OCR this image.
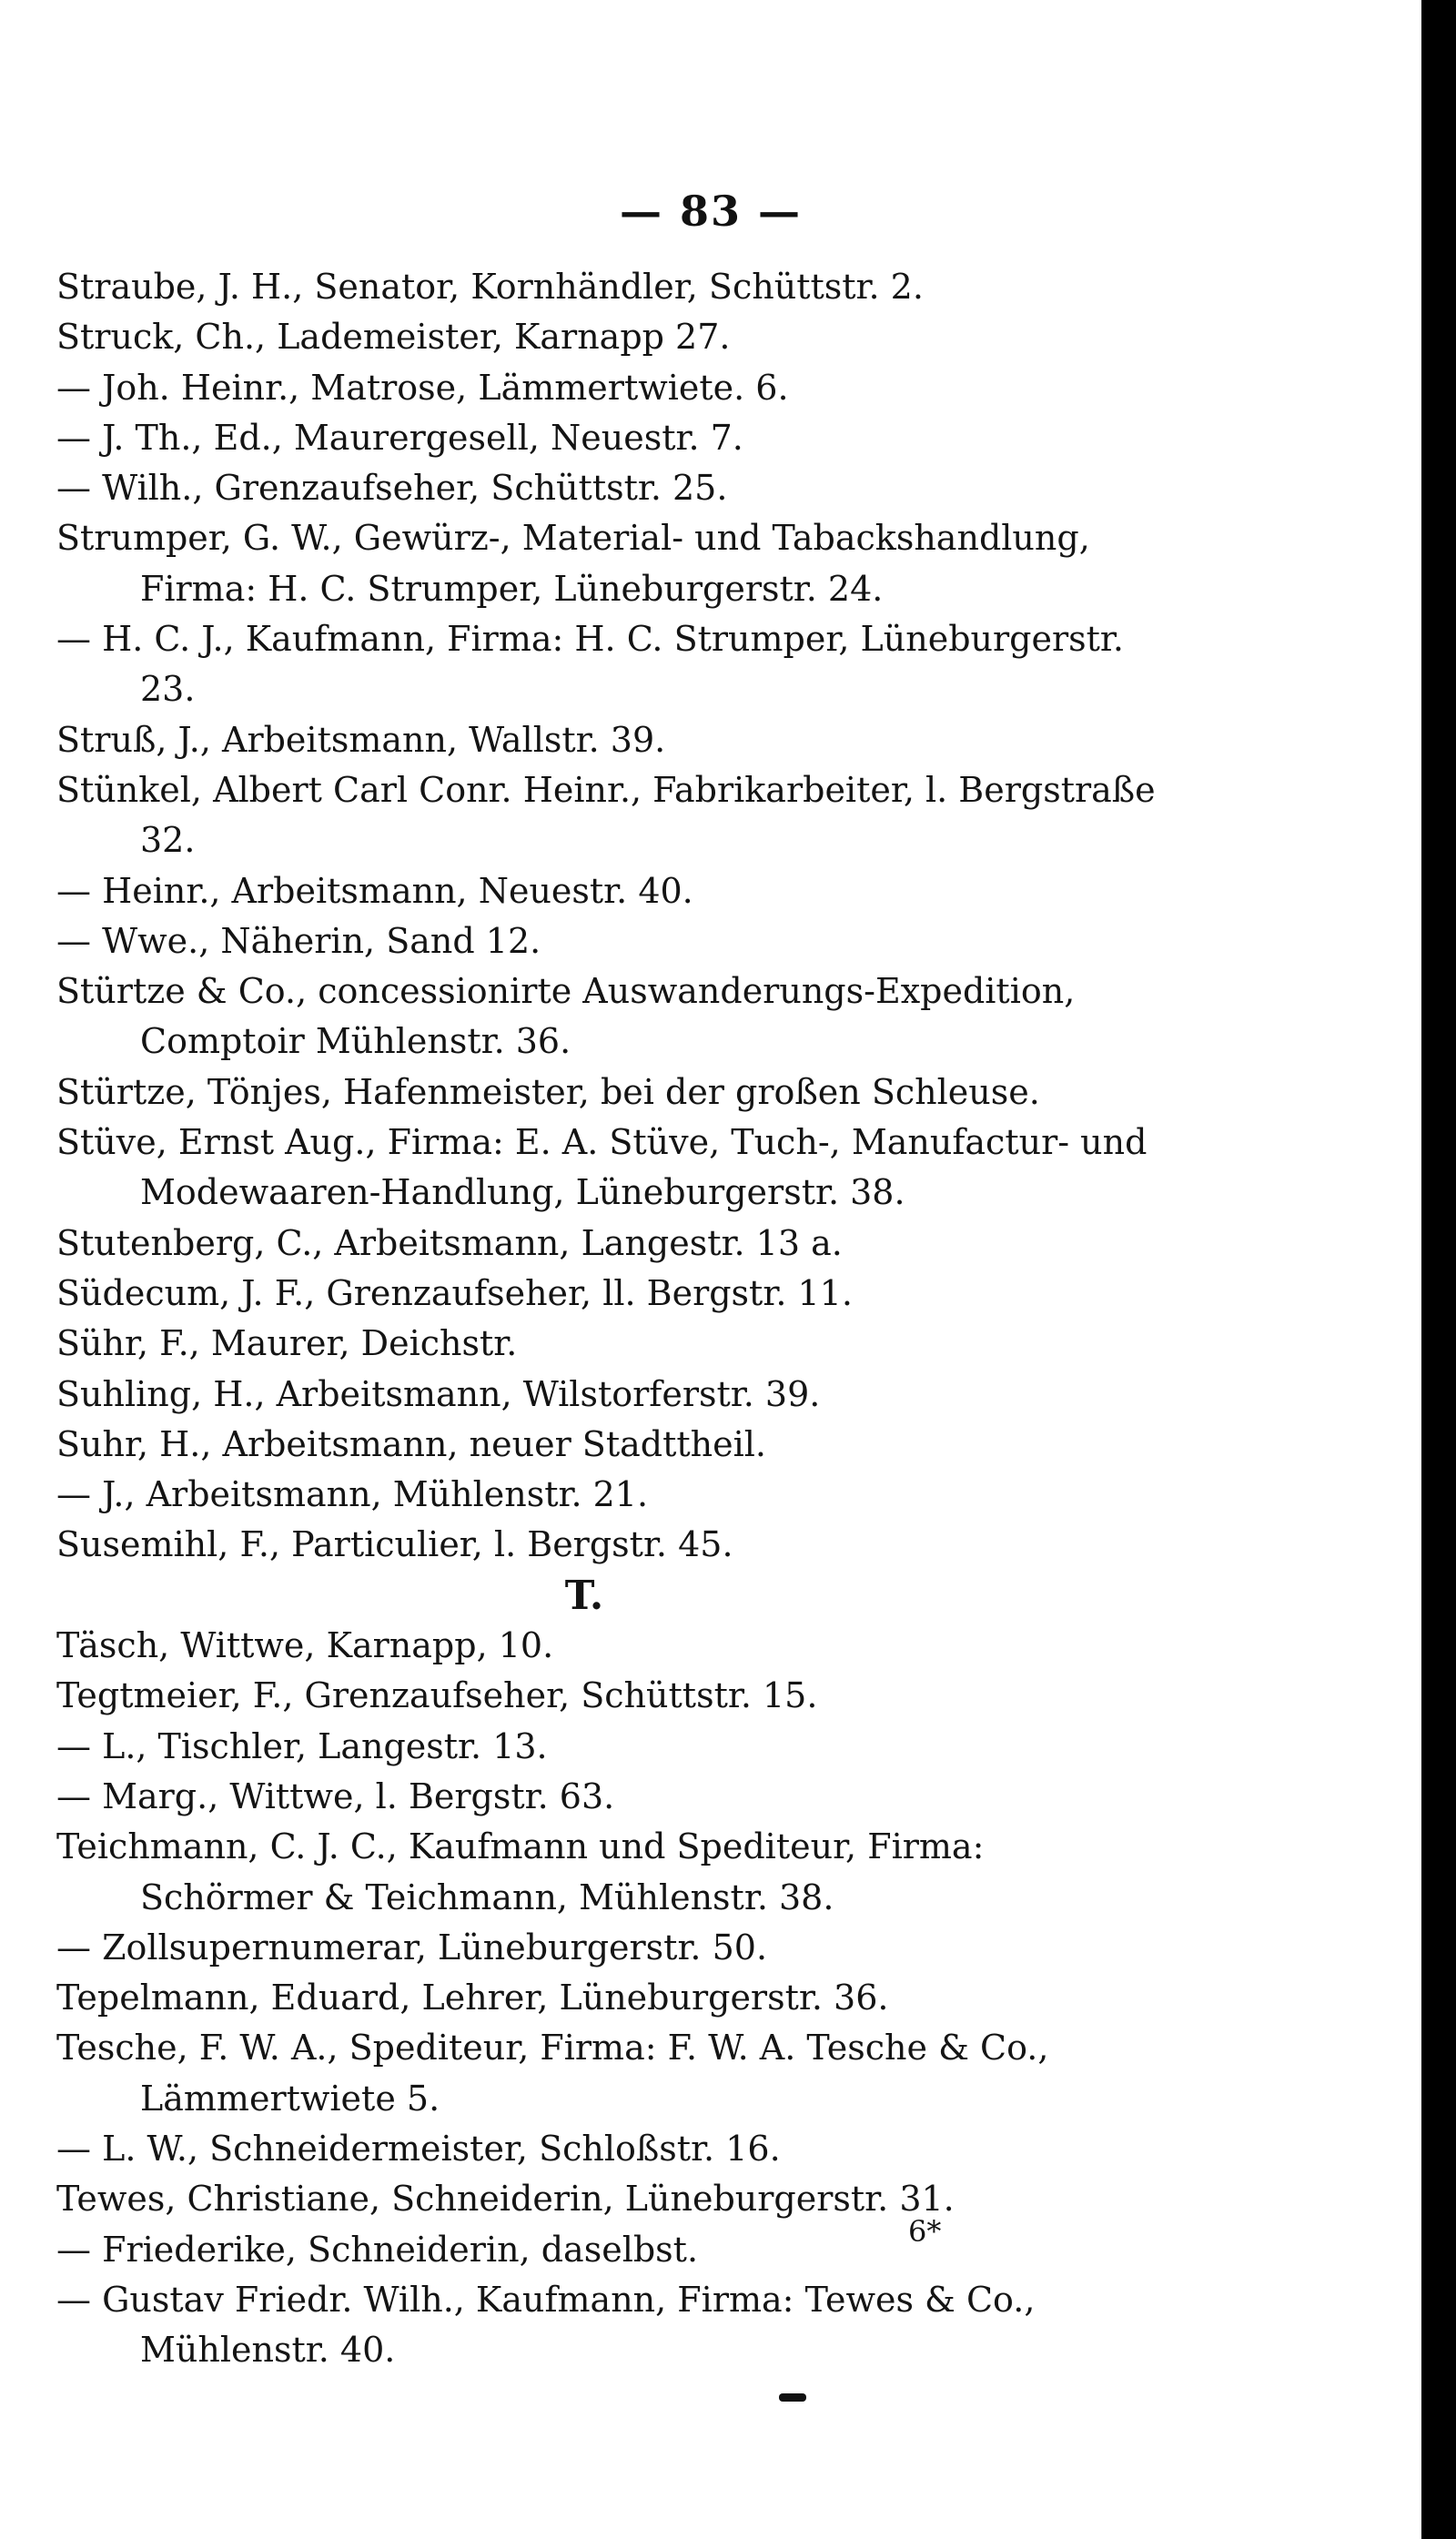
— 83 —

Straube, J. H., Senator, Kornhändler, Schüttstr. 2.

Struck, Ch., Lademeister, Karnapp 27.

— Joh. Heinr., Matrose, Lämmertwiete. 6.

— J. Th., Ed., Maurergesell, Neuestr. 7.

— Wilh., Grenzaufseher, Schüttstr. 25.

Strumper, G. W., Gewürz-, Material- und Tabackshandlung, Firma: H. C. Strumper, Lüneburgerstr. 24.

— H. C. J., Kaufmann, Firma: H. C. Strumper, Lüneburgerstr. 23.

Struß, J., Arbeitsmann, Wallstr. 39.

Stünkel, Albert Carl Conr. Heinr., Fabrikarbeiter, l. Bergstraße 32.

— Heinr., Arbeitsmann, Neuestr. 40.

— Wwe., Näherin, Sand 12.

Stürtze & Co., concessionirte Auswanderungs-Expedition, Comptoir Mühlenstr. 36.

Stürtze, Tönjes, Hafenmeister, bei der großen Schleuse.

Stüve, Ernst Aug., Firma: E. A. Stüve, Tuch-, Manufactur- und Modewaaren-Handlung, Lüneburgerstr. 38.

Stutenberg, C., Arbeitsmann, Langestr. 13 a.

Südecum, J. F., Grenzaufseher, ll. Bergstr. 11.

Sühr, F., Maurer, Deichstr.

Suhling, H., Arbeitsmann, Wilstorferstr. 39.

Suhr, H., Arbeitsmann, neuer Stadttheil.

— J., Arbeitsmann, Mühlenstr. 21.

Susemihl, F., Particulier, l. Bergstr. 45.

T.

Täsch, Wittwe, Karnapp, 10.

Tegtmeier, F., Grenzaufseher, Schüttstr. 15.

— L., Tischler, Langestr. 13.

— Marg., Wittwe, l. Bergstr. 63.

Teichmann, C. J. C., Kaufmann und Spediteur, Firma: Schörmer & Teichmann, Mühlenstr. 38.

— Zollsupernumerar, Lüneburgerstr. 50.

Tepelmann, Eduard, Lehrer, Lüneburgerstr. 36.

Tesche, F. W. A., Spediteur, Firma: F. W. A. Tesche & Co., Lämmertwiete 5.

— L. W., Schneidermeister, Schloßstr. 16.

Tewes, Christiane, Schneiderin, Lüneburgerstr. 31.

— Friederike, Schneiderin, daselbst.

— Gustav Friedr. Wilh., Kaufmann, Firma: Tewes & Co., Mühlenstr. 40.

6*
